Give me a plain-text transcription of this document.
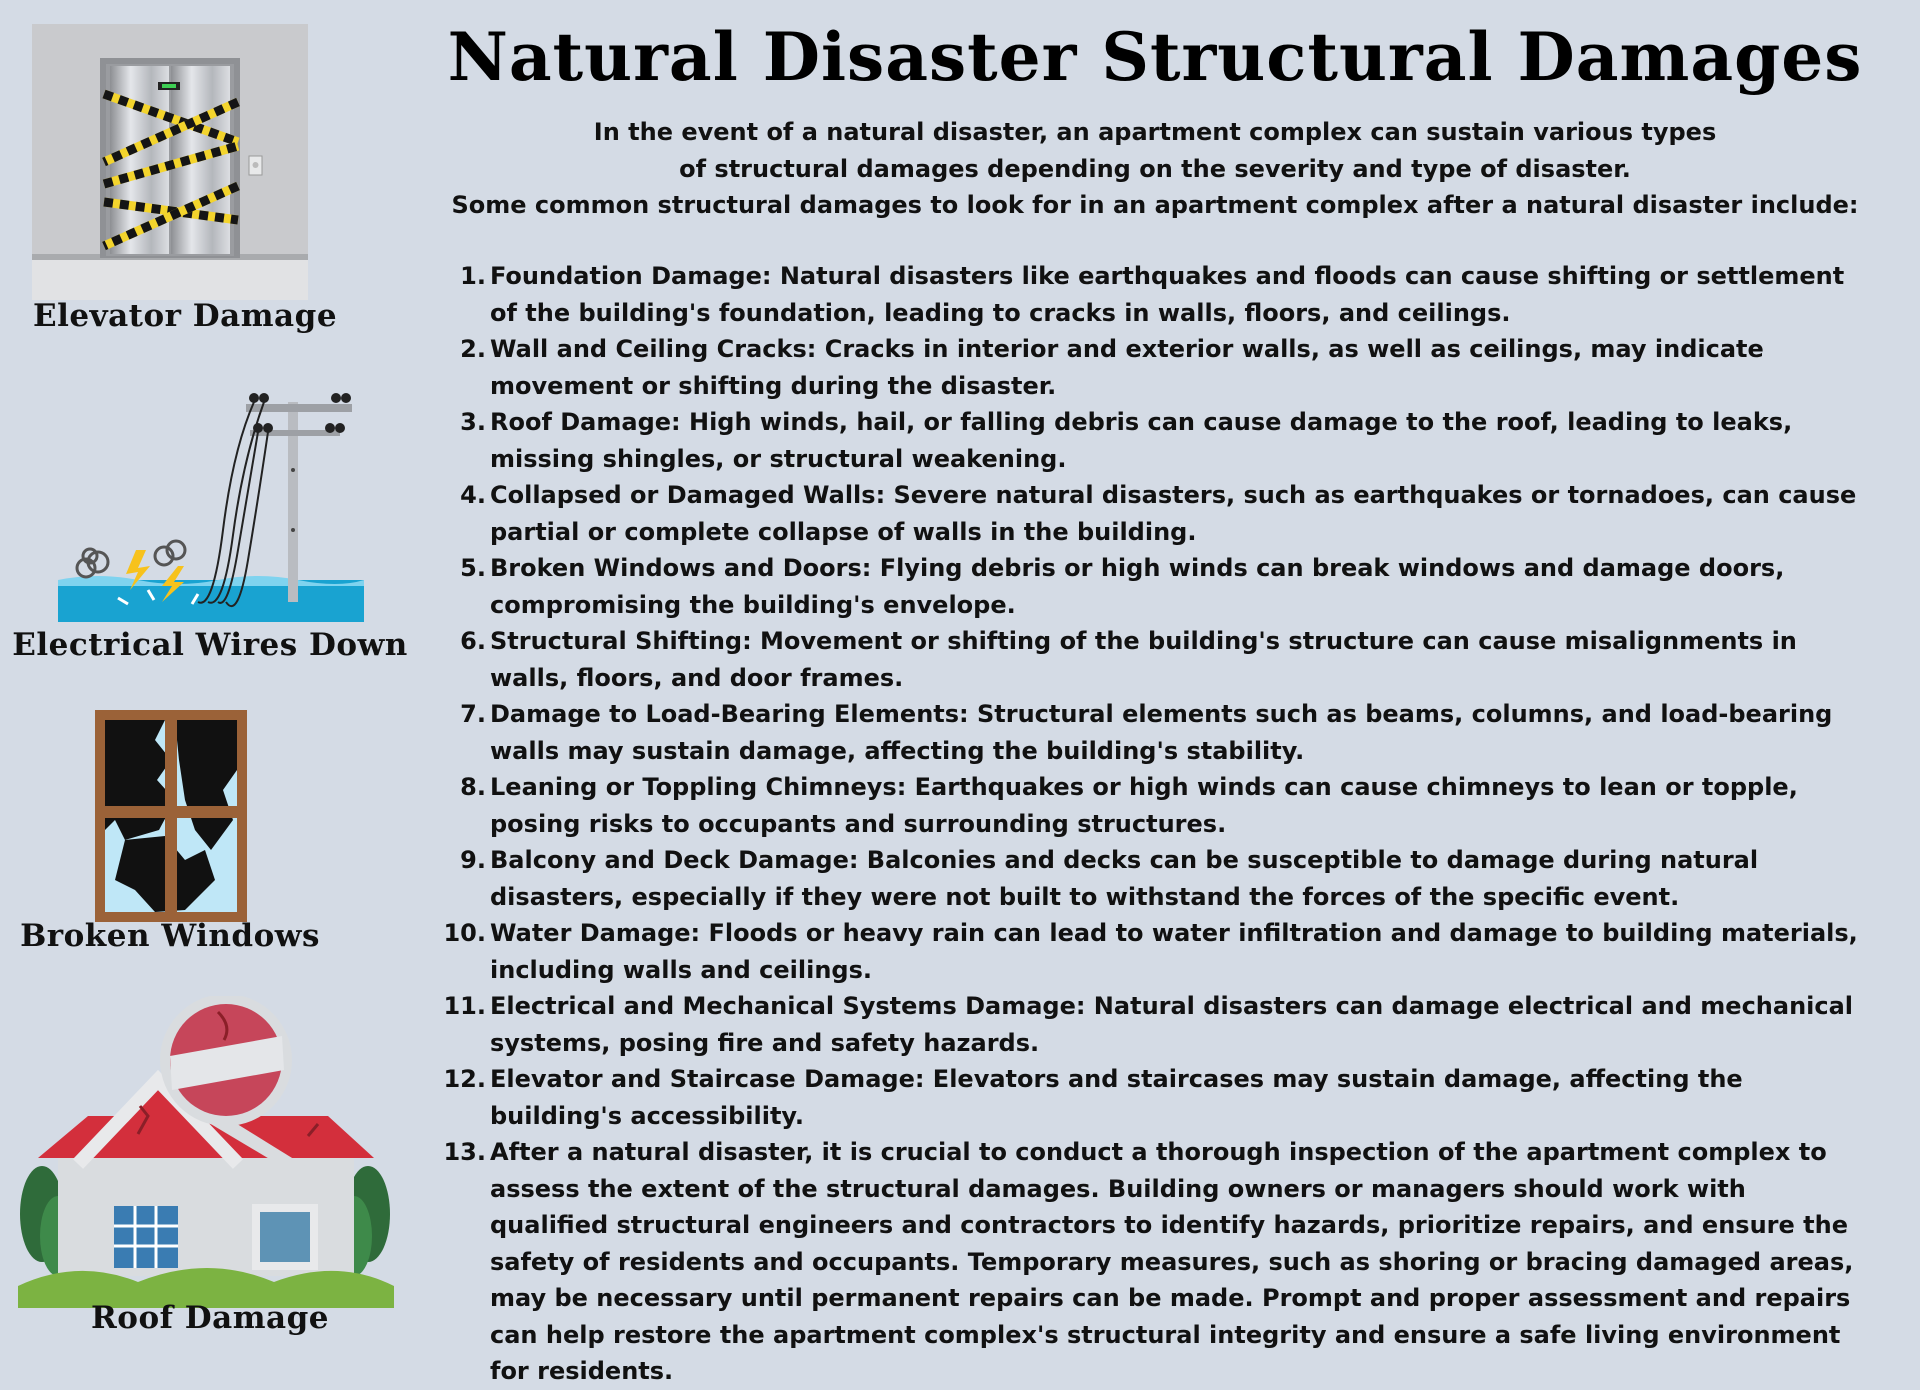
Elevator Damage
Electrical Wires Down
Broken Windows
Roof Damage
Natural Disaster Structural Damages
In the event of a natural disaster, an apartment complex can sustain various types
of structural damages depending on the severity and type of disaster.
Some common structural damages to look for in an apartment complex after a natural disaster include:
1. Foundation Damage: Natural disasters like earthquakes and floods can cause shifting or settlement of the building's foundation, leading to cracks in walls, floors, and ceilings.
2. Wall and Ceiling Cracks: Cracks in interior and exterior walls, as well as ceilings, may indicate movement or shifting during the disaster.
3. Roof Damage: High winds, hail, or falling debris can cause damage to the roof, leading to leaks, missing shingles, or structural weakening.
4. Collapsed or Damaged Walls: Severe natural disasters, such as earthquakes or tornadoes, can cause partial or complete collapse of walls in the building.
5. Broken Windows and Doors: Flying debris or high winds can break windows and damage doors, compromising the building's envelope.
6. Structural Shifting: Movement or shifting of the building's structure can cause misalignments in walls, floors, and door frames.
7. Damage to Load-Bearing Elements: Structural elements such as beams, columns, and load-bearing walls may sustain damage, affecting the building's stability.
8. Leaning or Toppling Chimneys: Earthquakes or high winds can cause chimneys to lean or topple, posing risks to occupants and surrounding structures.
9. Balcony and Deck Damage: Balconies and decks can be susceptible to damage during natural disasters, especially if they were not built to withstand the forces of the specific event.
10. Water Damage: Floods or heavy rain can lead to water infiltration and damage to building materials, including walls and ceilings.
11. Electrical and Mechanical Systems Damage: Natural disasters can damage electrical and mechanical systems, posing fire and safety hazards.
12. Elevator and Staircase Damage: Elevators and staircases may sustain damage, affecting the building's accessibility.
13. After a natural disaster, it is crucial to conduct a thorough inspection of the apartment complex to assess the extent of the structural damages. Building owners or managers should work with qualified structural engineers and contractors to identify hazards, prioritize repairs, and ensure the safety of residents and occupants. Temporary measures, such as shoring or bracing damaged areas, may be necessary until permanent repairs can be made. Prompt and proper assessment and repairs can help restore the apartment complex's structural integrity and ensure a safe living environment for residents.
